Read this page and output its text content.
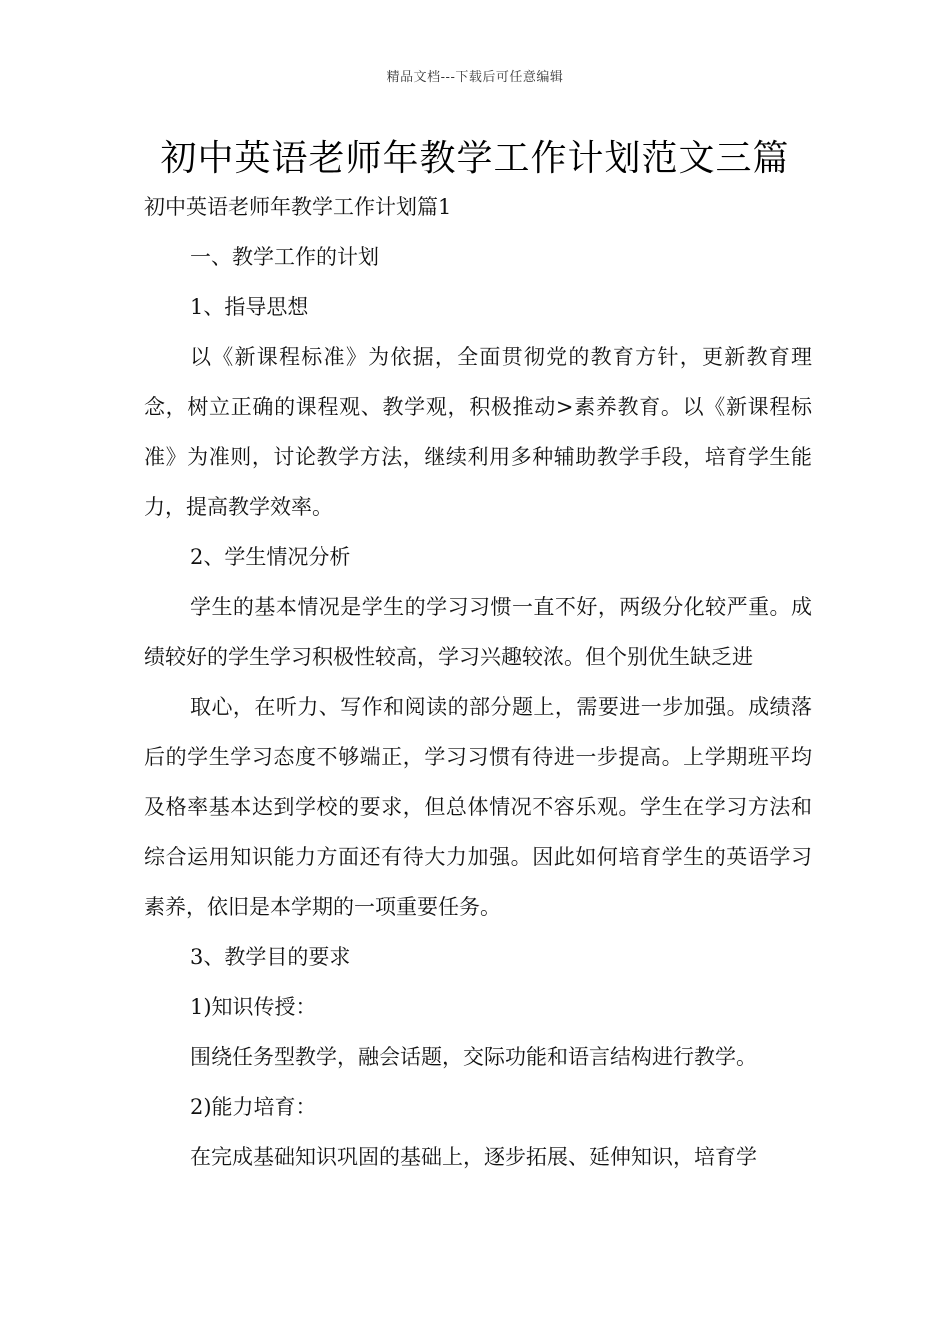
精品文档---下载后可任意编辑
初中英语老师年教学工作计划范文三篇

初中英语老师年教学工作计划篇1

一、教学工作的计划

1、指导思想

以《新课程标准》为依据，全面贯彻党的教育方针，更新教育理念，树立正确的课程观、教学观，积极推动>素养教育。以《新课程标准》为准则，讨论教学方法，继续利用多种辅助教学手段，培育学生能力，提高教学效率。

2、学生情况分析

学生的基本情况是学生的学习习惯一直不好，两级分化较严重。成绩较好的学生学习积极性较高，学习兴趣较浓。但个别优生缺乏进

取心，在听力、写作和阅读的部分题上，需要进一步加强。成绩落后的学生学习态度不够端正，学习习惯有待进一步提高。上学期班平均及格率基本达到学校的要求，但总体情况不容乐观。学生在学习方法和综合运用知识能力方面还有待大力加强。因此如何培育学生的英语学习素养，依旧是本学期的一项重要任务。

3、教学目的要求

1)知识传授：

围绕任务型教学，融会话题，交际功能和语言结构进行教学。

2)能力培育：

在完成基础知识巩固的基础上，逐步拓展、延伸知识，培育学
